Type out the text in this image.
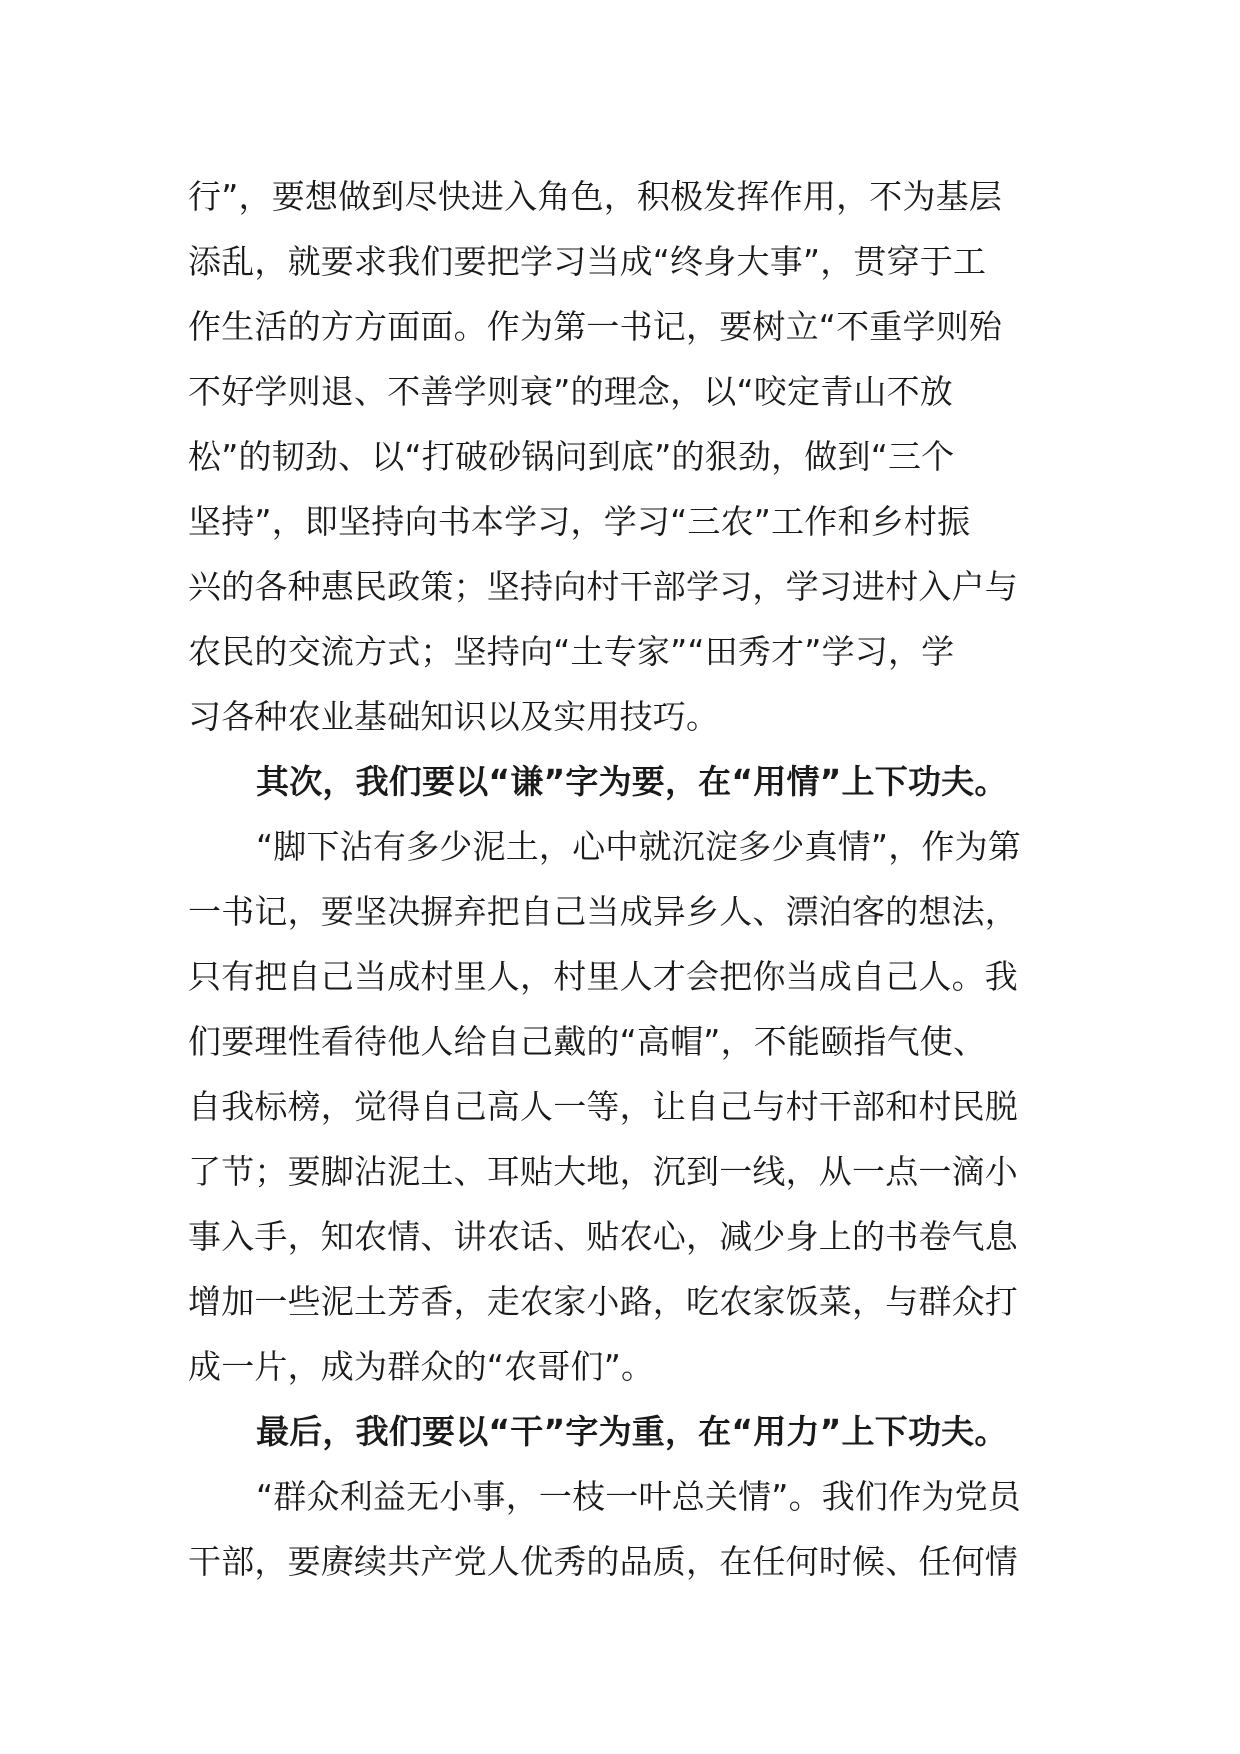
行”，要想做到尽快进入角色，积极发挥作用，不为基层
添乱，就要求我们要把学习当成“终身大事”，贯穿于工
作生活的方方面面。作为第一书记，要树立“不重学则殆
不好学则退、不善学则衰”的理念，以“咬定青山不放
松”的韧劲、以“打破砂锅问到底”的狠劲，做到“三个
坚持”，即坚持向书本学习，学习“三农”工作和乡村振
兴的各种惠民政策；坚持向村干部学习，学习进村入户与
农民的交流方式；坚持向“土专家”“田秀才”学习，学
习各种农业基础知识以及实用技巧。
其次，我们要以“谦”字为要，在“用情”上下功夫。
“脚下沾有多少泥土，心中就沉淀多少真情”，作为第
一书记，要坚决摒弃把自己当成异乡人、漂泊客的想法，
只有把自己当成村里人，村里人才会把你当成自己人。我
们要理性看待他人给自己戴的“高帽”，不能颐指气使、
自我标榜，觉得自己高人一等，让自己与村干部和村民脱
了节；要脚沾泥土、耳贴大地，沉到一线，从一点一滴小
事入手，知农情、讲农话、贴农心，减少身上的书卷气息
增加一些泥土芳香，走农家小路，吃农家饭菜，与群众打
成一片，成为群众的“农哥们”。
最后，我们要以“干”字为重，在“用力”上下功夫。
“群众利益无小事，一枝一叶总关情”。我们作为党员
干部，要赓续共产党人优秀的品质，在任何时候、任何情
